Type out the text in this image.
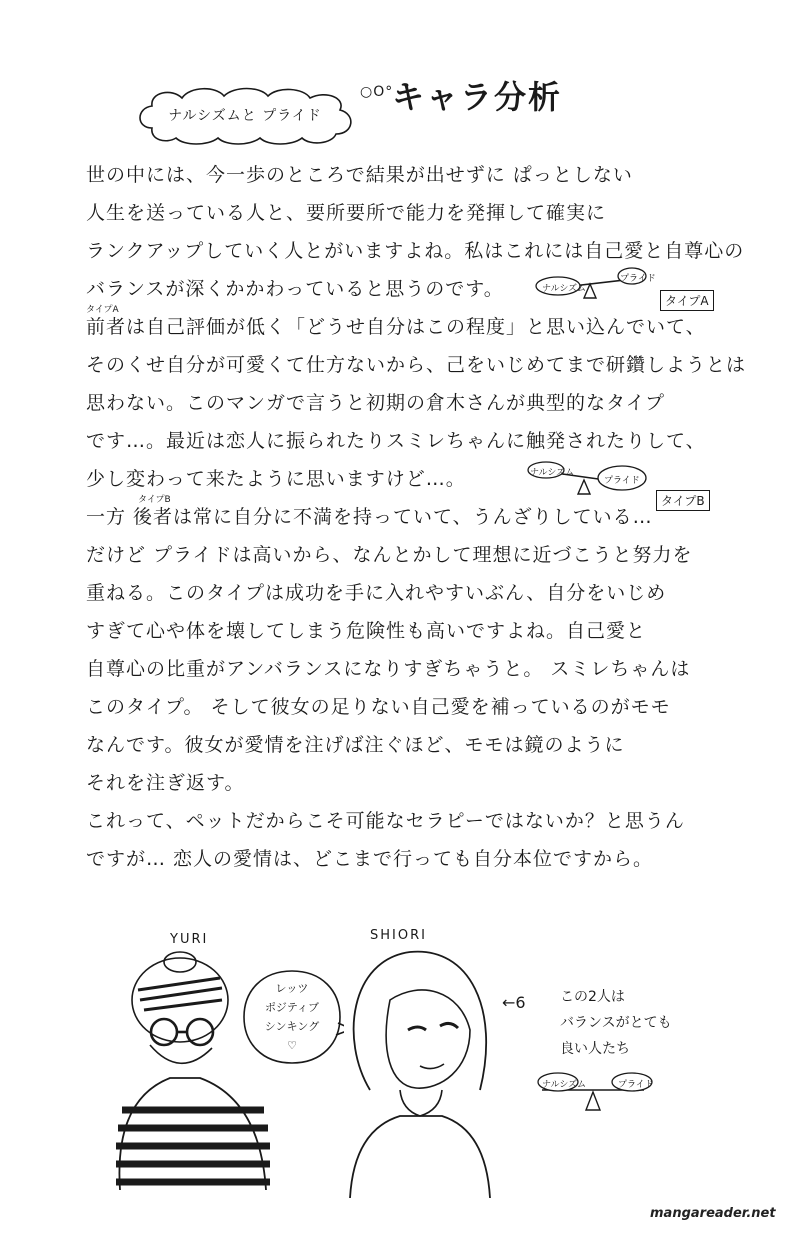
ナルシズムと プライド
○O°
キャラ分析
世の中には、今一歩のところで結果が出せずに ぱっとしない
人生を送っている人と、要所要所で能力を発揮して確実に
ランクアップしていく人とがいますよね。私はこれには自己愛と自尊心の
バランスが深くかかわっていると思うのです。
タイプA
前者は自己評価が低く「どうせ自分はこの程度」と思い込んでいて、
そのくせ自分が可愛くて仕方ないから、己をいじめてまで研鑽しようとは
思わない。このマンガで言うと初期の倉木さんが典型的なタイプ
です…。最近は恋人に振られたりスミレちゃんに触発されたりして、
少し変わって来たように思いますけど…。
タイプB
一方 後者は常に自分に不満を持っていて、うんざりしている…
だけど プライドは高いから、なんとかして理想に近づこうと努力を
重ねる。このタイプは成功を手に入れやすいぶん、自分をいじめ
すぎて心や体を壊してしまう危険性も高いですよね。自己愛と
自尊心の比重がアンバランスになりすぎちゃうと。 スミレちゃんは
このタイプ。 そして彼女の足りない自己愛を補っているのがモモ
なんです。彼女が愛情を注げば注ぐほど、モモは鏡のように
それを注ぎ返す。
これって、ペットだからこそ可能なセラピーではないか？と思うん
ですが… 恋人の愛情は、どこまで行っても自分本位ですから。
ナルシズム
プライド
タイプA
ナルシズム
プライド
タイプB
YURI	SHIORI
レッツ
ポジティブ
シンキング
♡
←6 この2人は
バランスがとても
良い人たち
ナルシズム	プライド
mangareader.net
